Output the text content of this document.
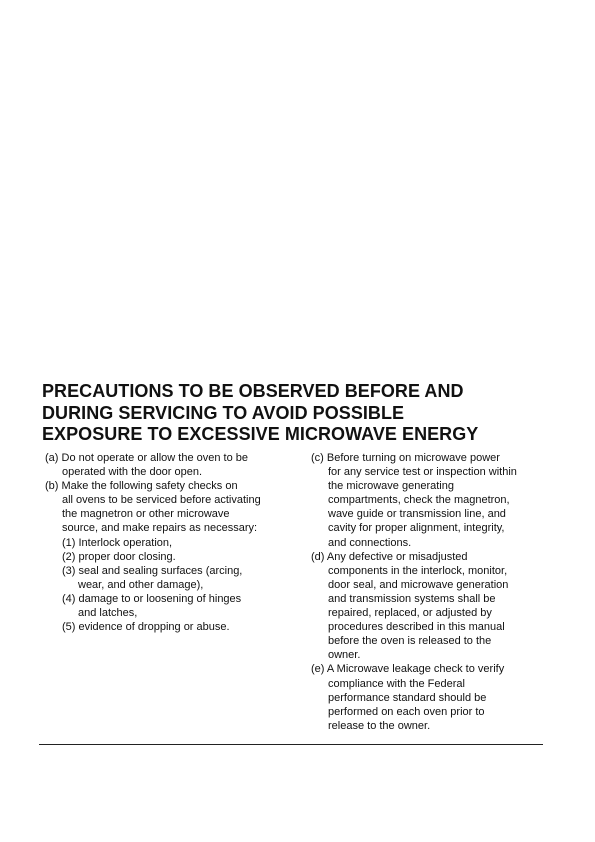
PRECAUTIONS TO BE OBSERVED BEFORE AND
DURING SERVICING TO AVOID POSSIBLE
EXPOSURE TO EXCESSIVE MICROWAVE ENERGY
(a) Do not operate or allow the oven to be
operated with the door open.
(b) Make the following safety checks on
all ovens to be serviced before activating
the magnetron or other microwave
source, and make repairs as necessary:
(1) Interlock operation,
(2) proper door closing.
(3) seal and sealing surfaces (arcing,
wear, and other damage),
(4) damage to or loosening of hinges
and latches,
(5) evidence of dropping or abuse.
(c) Before turning on microwave power
for any service test or inspection within
the microwave generating
compartments, check the magnetron,
wave guide or transmission line, and
cavity for proper alignment, integrity,
and connections.
(d) Any defective or misadjusted
components in the interlock, monitor,
door seal, and microwave generation
and transmission systems shall be
repaired, replaced, or adjusted by
procedures described in this manual
before the oven is released to the
owner.
(e) A Microwave leakage check to verify
compliance with the Federal
performance standard should be
performed on each oven prior to
release to the owner.
